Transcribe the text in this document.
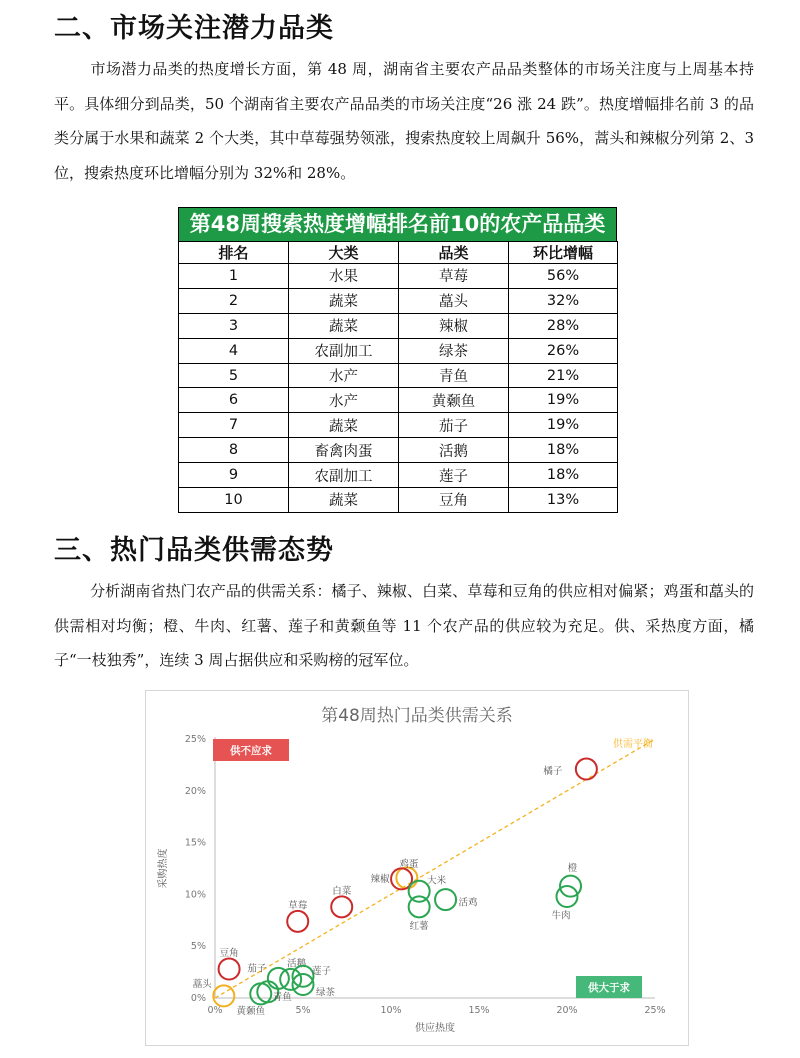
二、市场关注潜力品类
市场潜力品类的热度增长方面，第 48 周，湖南省主要农产品品类整体的市场关注度与上周基本持平。具体细分到品类，50 个湖南省主要农产品品类的市场关注度“26 涨 24 跌”。热度增幅排名前 3 的品类分属于水果和蔬菜 2 个大类，其中草莓强势领涨，搜索热度较上周飙升 56%，蒿头和辣椒分列第 2、3 位，搜索热度环比增幅分别为 32%和 28%。
第48周搜索热度增幅排名前10的农产品品类
排名	大类	品类	环比增幅
1	水果	草莓	56%
2	蔬菜	藠头	32%
3	蔬菜	辣椒	28%
4	农副加工	绿茶	26%
5	水产	青鱼	21%
6	水产	黄颡鱼	19%
7	蔬菜	茄子	19%
8	畜禽肉蛋	活鹅	18%
9	农副加工	莲子	18%
10	蔬菜	豆角	13%
三、热门品类供需态势
分析湖南省热门农产品的供需关系：橘子、辣椒、白菜、草莓和豆角的供应相对偏紧；鸡蛋和藠头的供需相对均衡；橙、牛肉、红薯、莲子和黄颡鱼等 11 个农产品的供应较为充足。供、采热度方面，橘子“一枝独秀”，连续 3 周占据供应和采购榜的冠军位。
第48周热门品类供需关系
0%	5%	10%	15%	20%	25%
0%
5%
10%
15%
20%
25%
供应热度
采购热度
供需平衡
供不应求
供大于求
橘子
鸡蛋
辣椒
白菜
草莓
豆角
藠头
大米
红薯
活鸡
橙
牛肉
茄子 活鹅
莲子
绿茶
黄颡鱼
青鱼
